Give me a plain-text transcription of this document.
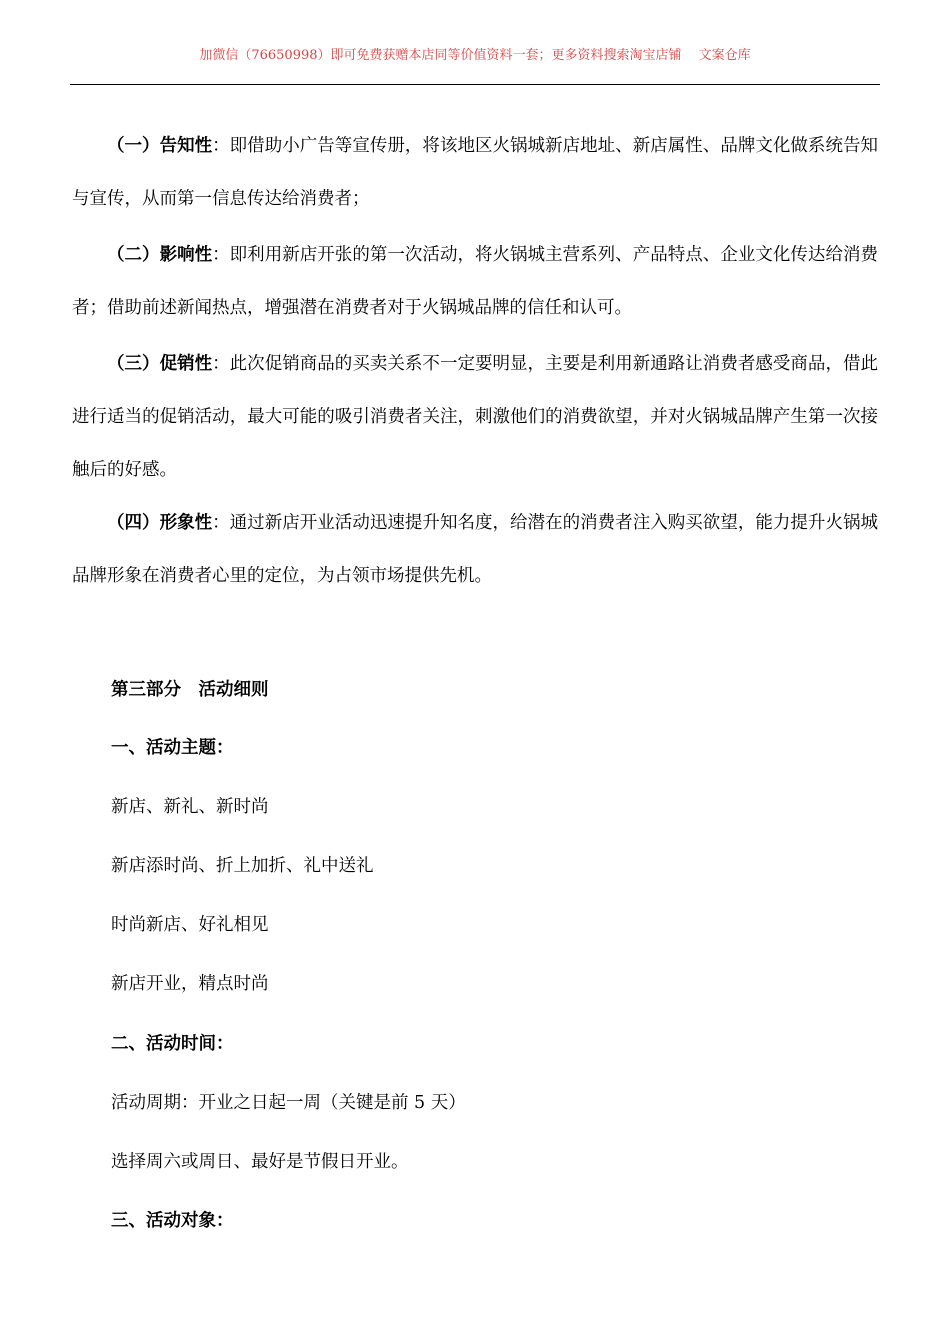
加微信（76650998）即可免费获赠本店同等价值资料一套；更多资料搜索淘宝店铺　 文案仓库

（一）告知性：即借助小广告等宣传册，将该地区火锅城新店地址、新店属性、品牌文化做系统告知与宣传，从而第一信息传达给消费者；

（二）影响性：即利用新店开张的第一次活动，将火锅城主营系列、产品特点、企业文化传达给消费者；借助前述新闻热点，增强潜在消费者对于火锅城品牌的信任和认可。

（三）促销性：此次促销商品的买卖关系不一定要明显，主要是利用新通路让消费者感受商品，借此进行适当的促销活动，最大可能的吸引消费者关注，刺激他们的消费欲望，并对火锅城品牌产生第一次接触后的好感。

（四）形象性：通过新店开业活动迅速提升知名度，给潜在的消费者注入购买欲望，能力提升火锅城品牌形象在消费者心里的定位，为占领市场提供先机。

第三部分　活动细则
一、活动主题：
新店、新礼、新时尚
新店添时尚、折上加折、礼中送礼
时尚新店、好礼相见
新店开业，精点时尚
二、活动时间：
活动周期：开业之日起一周（关键是前 5 天）
选择周六或周日、最好是节假日开业。
三、活动对象：
